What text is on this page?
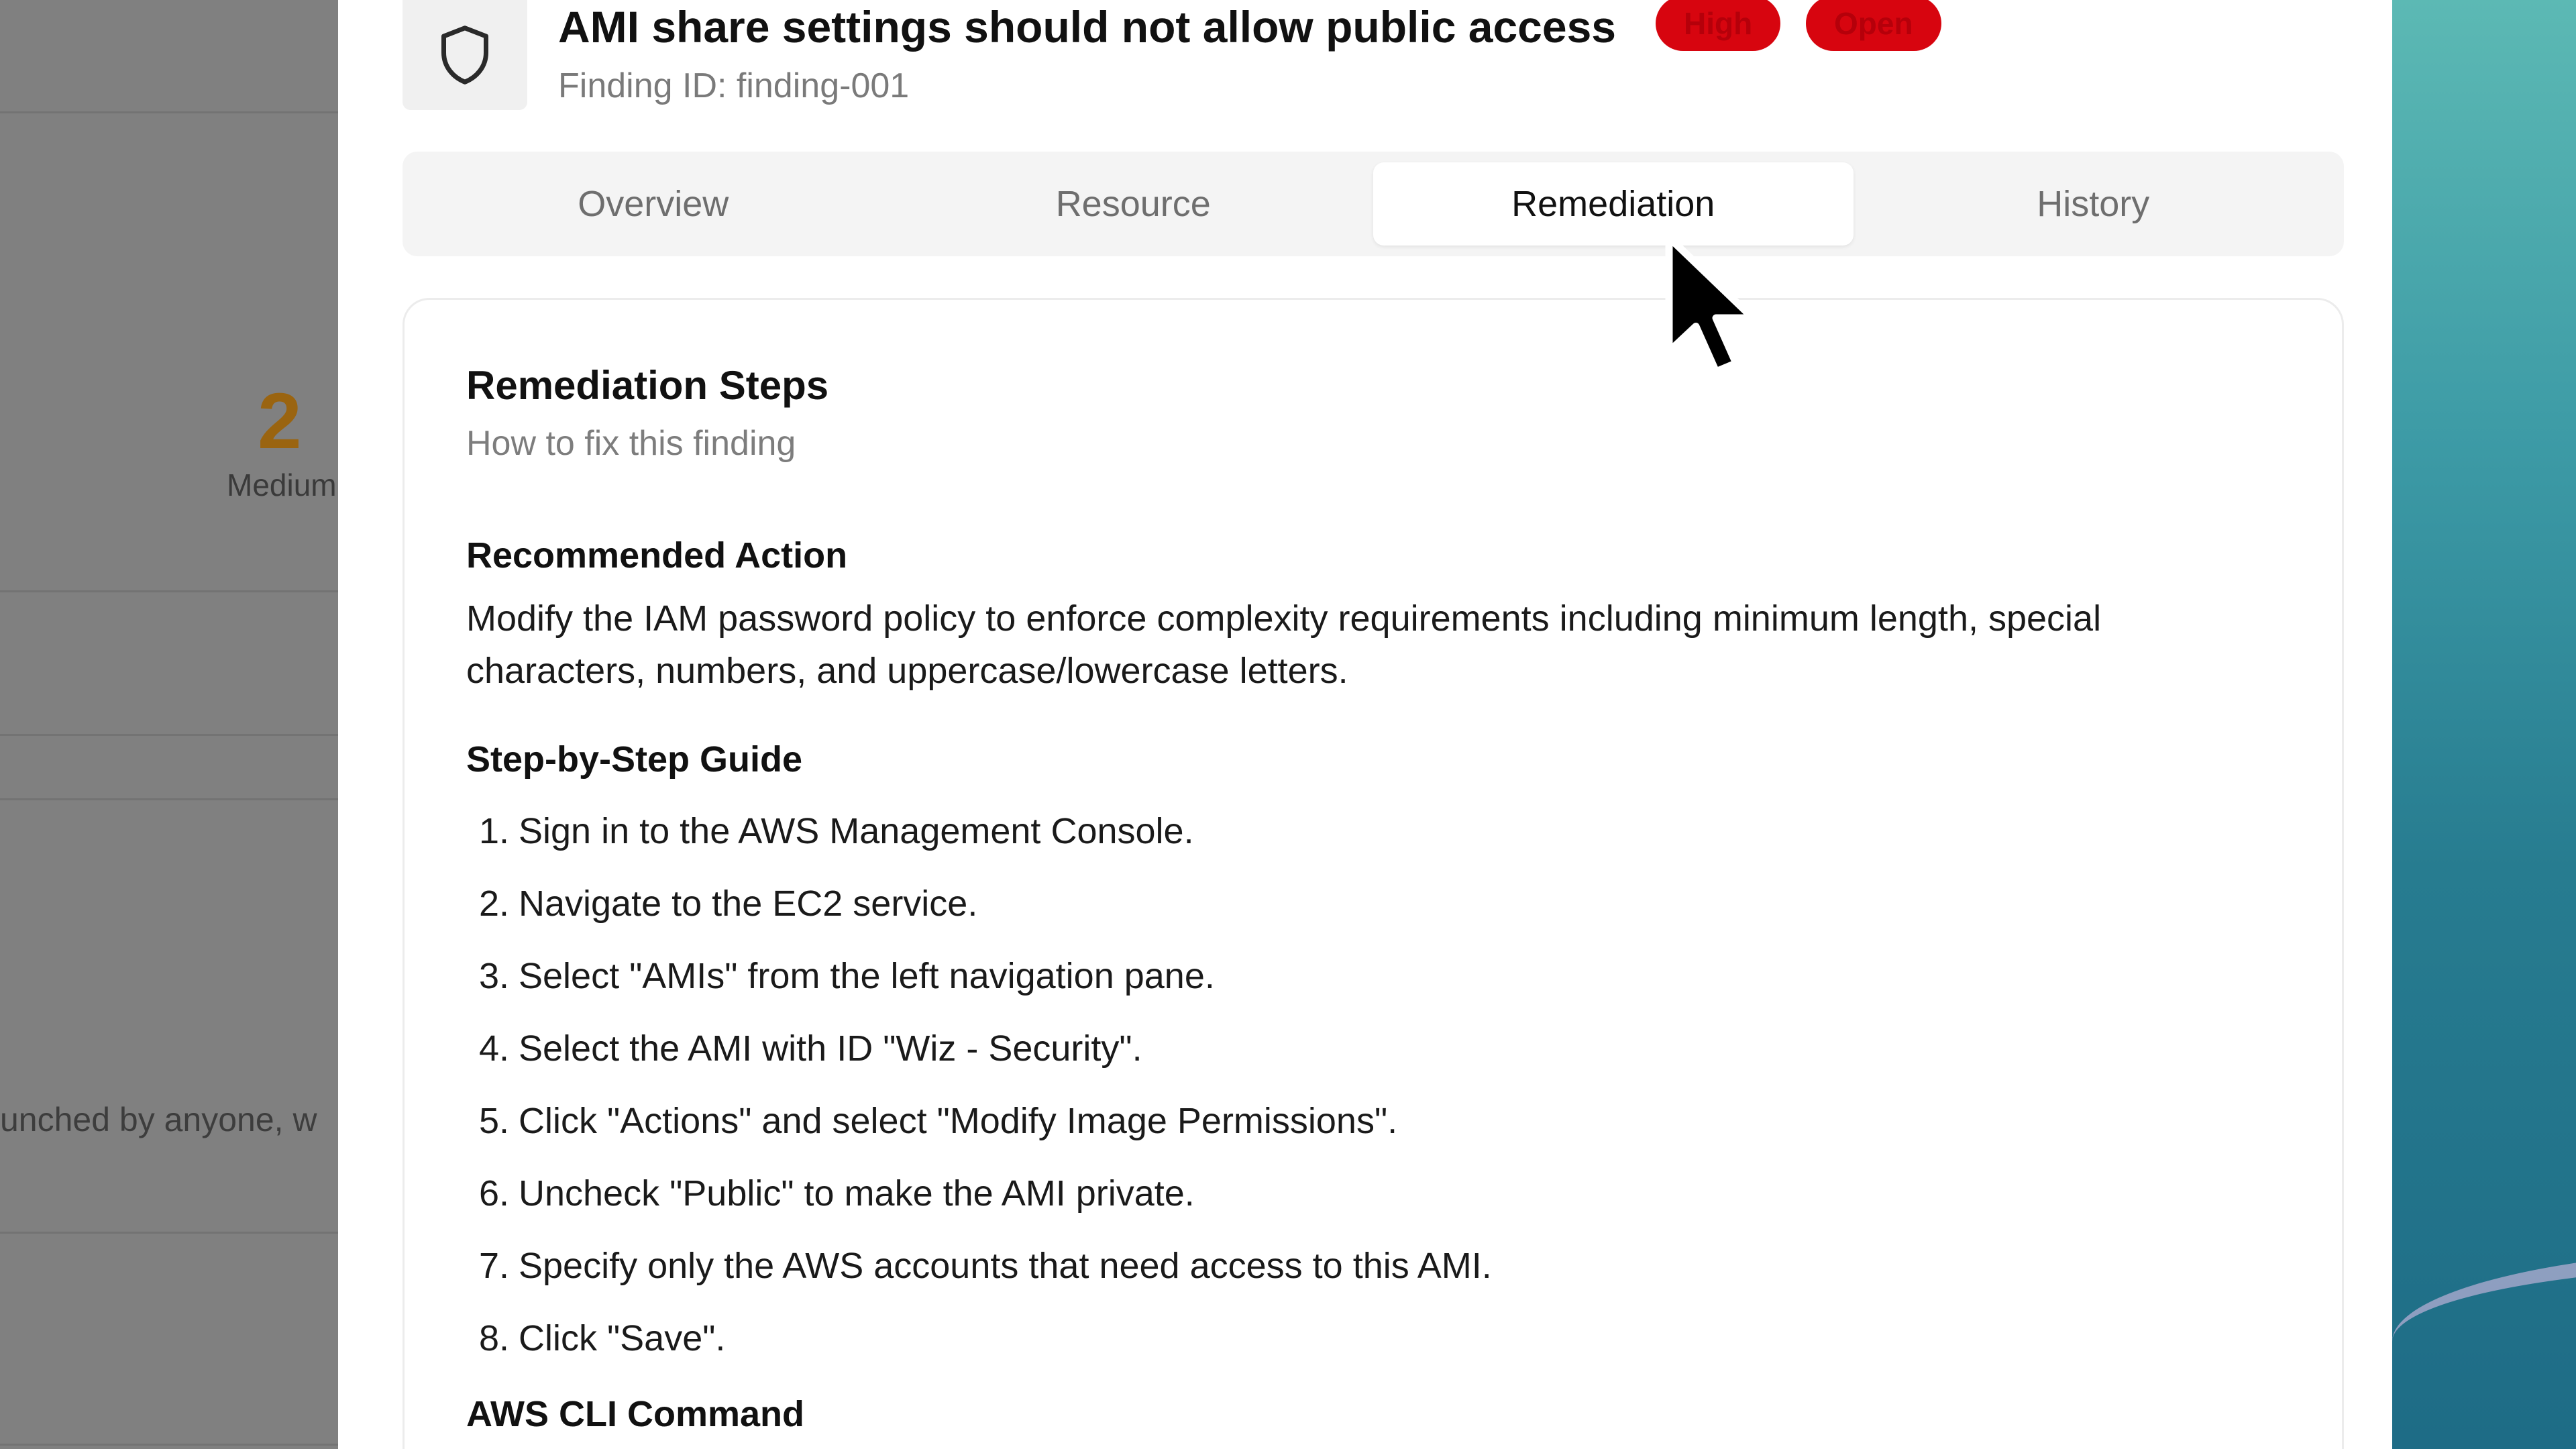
2
Medium
unched by anyone, w
AMI share settings should not allow public access	High	Open
Finding ID: finding-001
Overview	Resource	Remediation	History
Remediation Steps
How to fix this finding
Recommended Action
Modify the IAM password policy to enforce complexity requirements including minimum length, special characters, numbers, and uppercase/lowercase letters.
Step-by-Step Guide
1. Sign in to the AWS Management Console.
2. Navigate to the EC2 service.
3. Select "AMIs" from the left navigation pane.
4. Select the AMI with ID "Wiz - Security".
5. Click "Actions" and select "Modify Image Permissions".
6. Uncheck "Public" to make the AMI private.
7. Specify only the AWS accounts that need access to this AMI.
8. Click "Save".
AWS CLI Command
